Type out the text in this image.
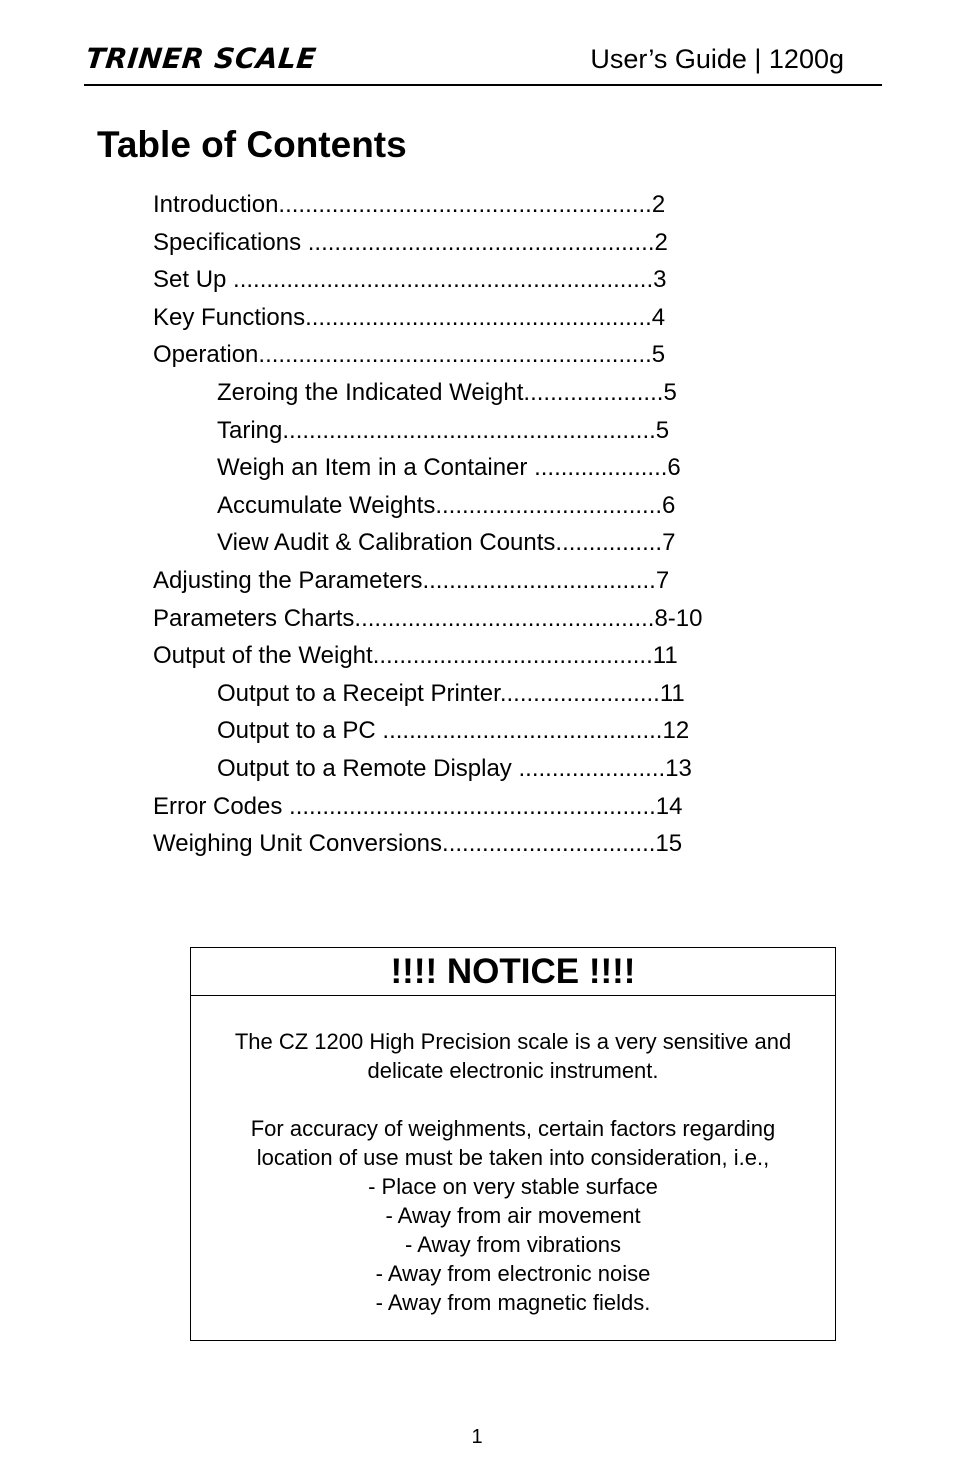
TRINER SCALE	User’s Guide | 1200g
Table of Contents
Introduction........................................................2
Specifications ....................................................2
Set Up ...............................................................3
Key Functions....................................................4
Operation...........................................................5
Zeroing the Indicated Weight.....................5
Taring........................................................5
Weigh an Item in a Container ....................6
Accumulate Weights..................................6
View Audit & Calibration Counts................7
Adjusting the Parameters...................................7
Parameters Charts.............................................8-10
Output of the Weight..........................................11
Output to a Receipt Printer........................11
Output to a PC ..........................................12
Output to a Remote Display ......................13
Error Codes .......................................................14
Weighing Unit Conversions................................15
!!!! NOTICE !!!!
The CZ 1200 High Precision scale is a very sensitive and
delicate electronic instrument.
For accuracy of weighments, certain factors regarding
location of use must be taken into consideration, i.e.,
- Place on very stable surface
- Away from air movement
- Away from vibrations
- Away from electronic noise
- Away from magnetic fields.
1
